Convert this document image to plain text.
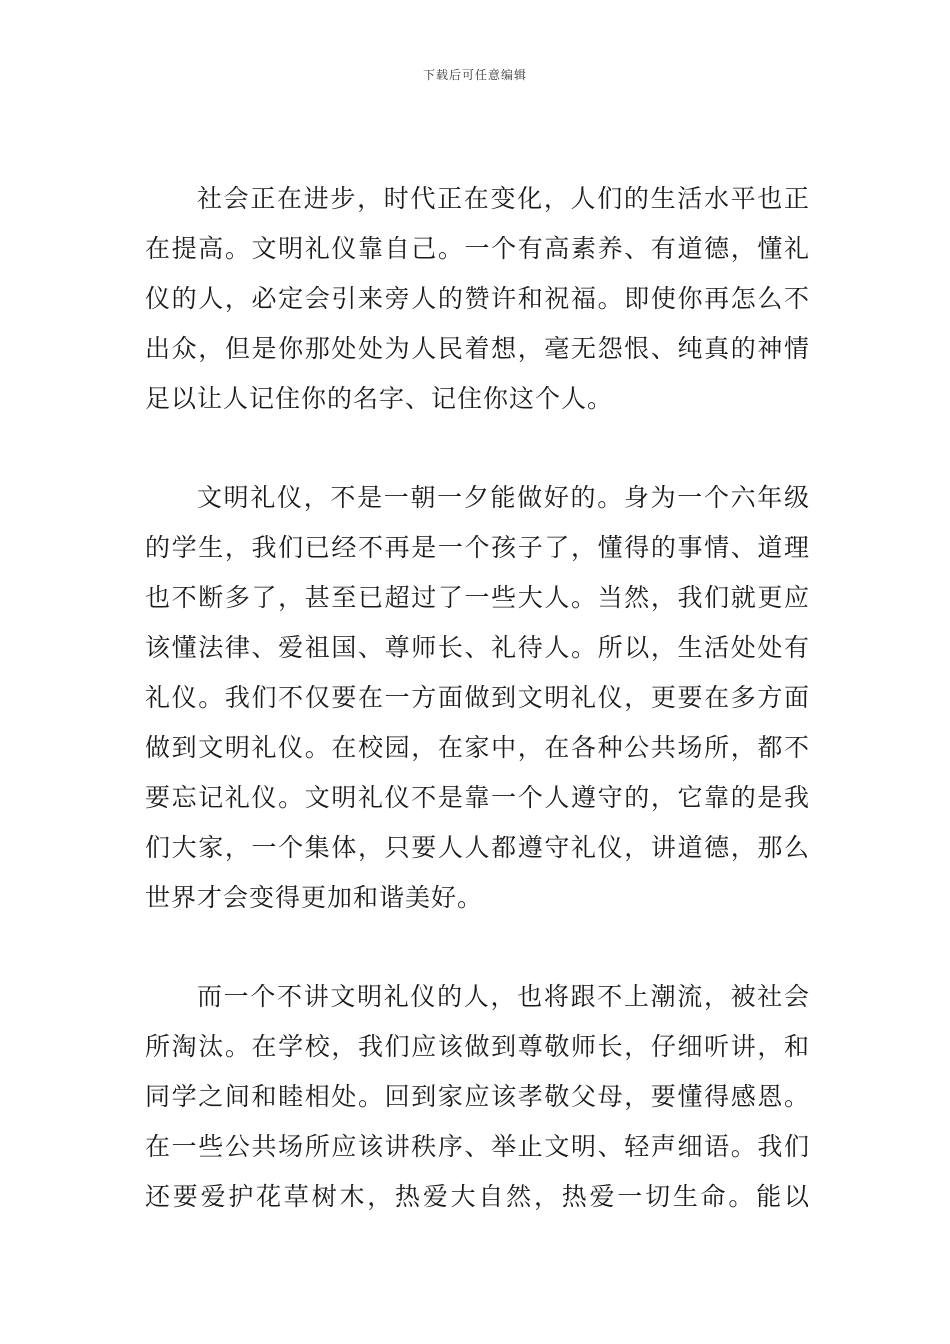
下载后可任意编辑

社会正在进步，时代正在变化，人们的生活水平也正
在提高。文明礼仪靠自己。一个有高素养、有道德，懂礼
仪的人，必定会引来旁人的赞许和祝福。即使你再怎么不
出众，但是你那处处为人民着想，毫无怨恨、纯真的神情
足以让人记住你的名字、记住你这个人。

文明礼仪，不是一朝一夕能做好的。身为一个六年级
的学生，我们已经不再是一个孩子了，懂得的事情、道理
也不断多了，甚至已超过了一些大人。当然，我们就更应
该懂法律、爱祖国、尊师长、礼待人。所以，生活处处有
礼仪。我们不仅要在一方面做到文明礼仪，更要在多方面
做到文明礼仪。在校园，在家中，在各种公共场所，都不
要忘记礼仪。文明礼仪不是靠一个人遵守的，它靠的是我
们大家，一个集体，只要人人都遵守礼仪，讲道德，那么
世界才会变得更加和谐美好。

而一个不讲文明礼仪的人，也将跟不上潮流，被社会
所淘汰。在学校，我们应该做到尊敬师长，仔细听讲，和
同学之间和睦相处。回到家应该孝敬父母，要懂得感恩。
在一些公共场所应该讲秩序、举止文明、轻声细语。我们
还要爱护花草树木，热爱大自然，热爱一切生命。能以
